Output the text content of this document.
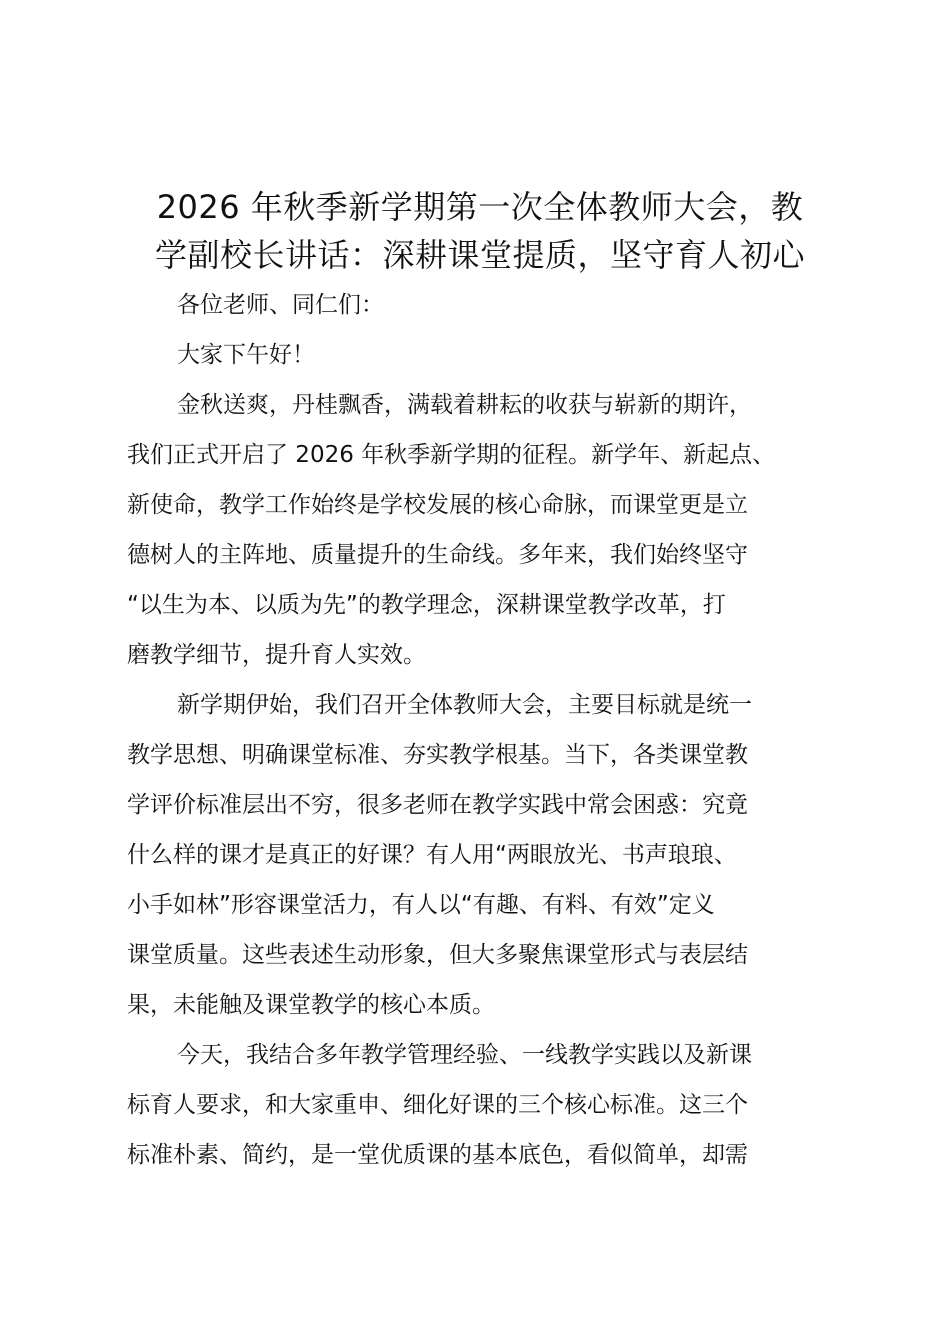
2026 年秋季新学期第一次全体教师大会，教
学副校长讲话：深耕课堂提质，坚守育人初心

各位老师、同仁们：

大家下午好！

金秋送爽，丹桂飘香，满载着耕耘的收获与崭新的期许，
我们正式开启了 2026 年秋季新学期的征程。新学年、新起点、
新使命，教学工作始终是学校发展的核心命脉，而课堂更是立
德树人的主阵地、质量提升的生命线。多年来，我们始终坚守
“以生为本、以质为先”的教学理念，深耕课堂教学改革，打
磨教学细节，提升育人实效。

新学期伊始，我们召开全体教师大会，主要目标就是统一
教学思想、明确课堂标准、夯实教学根基。当下，各类课堂教
学评价标准层出不穷，很多老师在教学实践中常会困惑：究竟
什么样的课才是真正的好课？有人用“两眼放光、书声琅琅、
小手如林”形容课堂活力，有人以“有趣、有料、有效”定义
课堂质量。这些表述生动形象，但大多聚焦课堂形式与表层结
果，未能触及课堂教学的核心本质。

今天，我结合多年教学管理经验、一线教学实践以及新课
标育人要求，和大家重申、细化好课的三个核心标准。这三个
标准朴素、简约，是一堂优质课的基本底色，看似简单，却需
